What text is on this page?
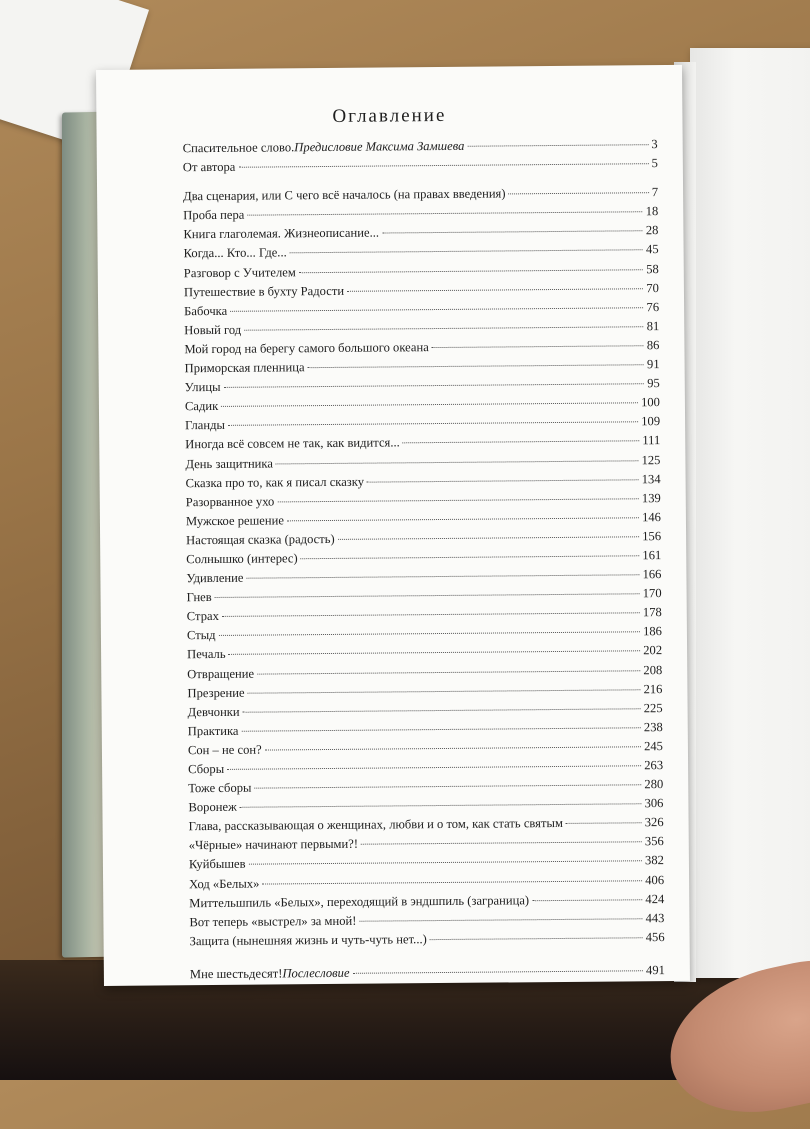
Оглавление
Спасительное слово. Предисловие Максима Замшева	3
От автора	5
Два сценария, или С чего всё началось (на правах введения)	7
Проба пера	18
Книга глаголемая. Жизнеописание...	28
Когда... Кто... Где...	45
Разговор с Учителем	58
Путешествие в бухту Радости	70
Бабочка	76
Новый год	81
Мой город на берегу самого большого океана	86
Приморская пленница	91
Улицы	95
Садик	100
Гланды	109
Иногда всё совсем не так, как видится...	111
День защитника	125
Сказка про то, как я писал сказку	134
Разорванное ухо	139
Мужское решение	146
Настоящая сказка (радость)	156
Солнышко (интерес)	161
Удивление	166
Гнев	170
Страх	178
Стыд	186
Печаль	202
Отвращение	208
Презрение	216
Девчонки	225
Практика	238
Сон – не сон?	245
Сборы	263
Тоже сборы	280
Воронеж	306
Глава, рассказывающая о женщинах, любви и о том, как стать святым	326
«Чёрные» начинают первыми?!	356
Куйбышев	382
Ход «Белых»	406
Миттельшпиль «Белых», переходящий в эндшпиль (заграница)	424
Вот теперь «выстрел» за мной!	443
Защита (нынешняя жизнь и чуть-чуть нет...)	456
Мне шестьдесят! Послесловие	491
